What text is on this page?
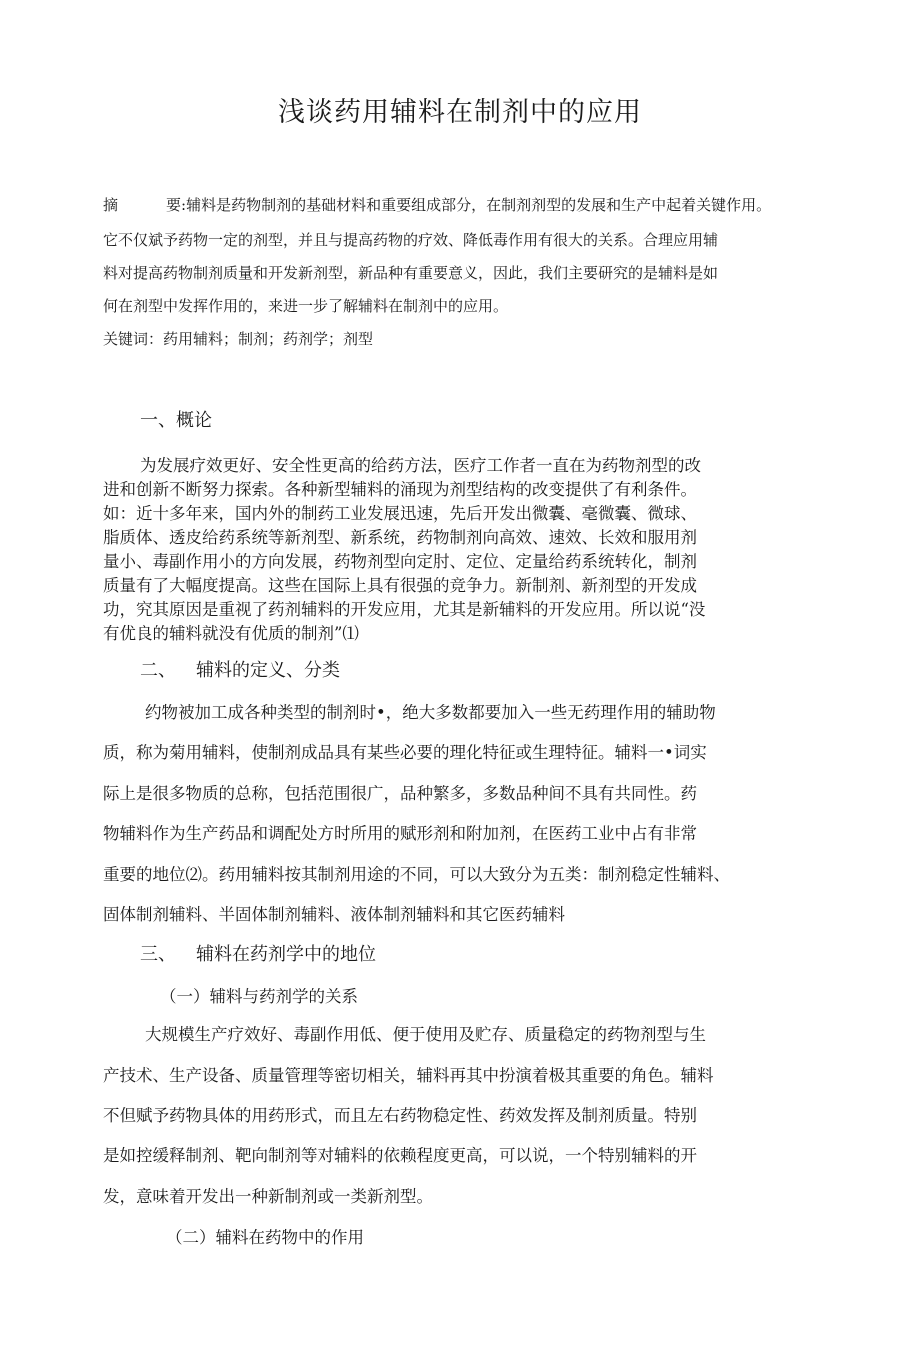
浅谈药用辅料在制剂中的应用
摘	要:辅料是药物制剂的基础材料和重要组成部分，在制剂剂型的发展和生产中起着关键作用。
它不仅斌予药物一定的剂型，并且与提高药物的疗效、降低毒作用有很大的关系。合理应用辅
料对提高药物制剂质量和开发新剂型，新品种有重要意义，因此，我们主要研究的是辅料是如
何在剂型中发挥作用的，来进一步了解辅料在制剂中的应用。
关键词：药用辅料；制剂；药剂学；剂型
一、概论
为发展疗效更好、安全性更高的给药方法，医疗工作者一直在为药物剂型的改
进和创新不断努力探索。各种新型辅料的涌现为剂型结构的改变提供了有利条件。
如：近十多年来，国内外的制药工业发展迅速，先后开发出微囊、毫微囊、微球、
脂质体、透皮给药系统等新剂型、新系统，药物制剂向高效、速效、长效和服用剂
量小、毒副作用小的方向发展，药物剂型向定肘、定位、定量给药系统转化，制剂
质量有了大幅度提高。这些在国际上具有很强的竞争力。新制剂、新剂型的开发成
功，究其原因是重视了药剂辅料的开发应用，尤其是新辅料的开发应用。所以说“没
有优良的辅料就没有优质的制剂”⑴
二、 辅料的定义、分类
约物被加工成各种类型的制剂时•，绝大多数都要加入一些无药理作用的辅助物
质，称为菊用辅料，使制剂成品具有某些必要的理化特征或生理特征。辅料一•词实
际上是很多物质的总称，包括范围很广，品种繁多，多数品种间不具有共同性。药
物辅料作为生产药品和调配处方时所用的赋形剂和附加剂，在医药工业中占有非常
重要的地位⑵。药用辅料按其制剂用途的不同，可以大致分为五类：制剂稳定性辅料、
固体制剂辅料、半固体制剂辅料、液体制剂辅料和其它医药辅料
三、 辅料在药剂学中的地位
（一）辅料与药剂学的关系
大规模生产疗效好、毒副作用低、便于使用及贮存、质量稳定的药物剂型与生
产技术、生产设备、质量管理等密切相关，辅料再其中扮演着极其重要的角色。辅料
不但赋予药物具体的用药形式，而且左右药物稳定性、药效发挥及制剂质量。特别
是如控缓释制剂、靶向制剂等对辅料的依赖程度更高，可以说，一个特别辅料的开
发，意味着开发出一种新制剂或一类新剂型。
（二）辅料在药物中的作用
